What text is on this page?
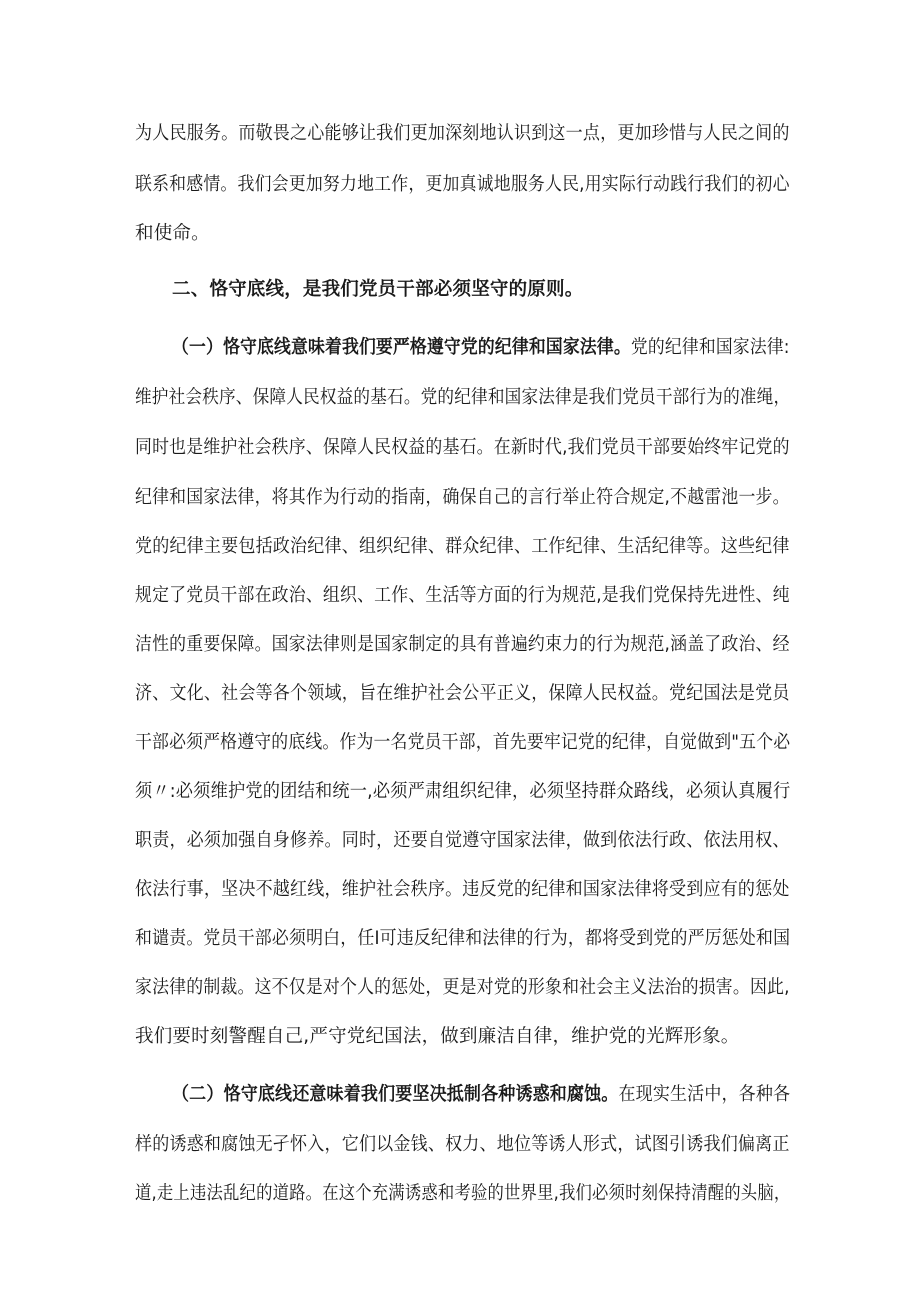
为人民服务。而敬畏之心能够让我们更加深刻地认识到这一点，更加珍惜与人民之间的
联系和感情。我们会更加努力地工作，更加真诚地服务人民,用实际行动践行我们的初心
和使命。
二、恪守底线，是我们党员干部必须坚守的原则。
（一）恪守底线意味着我们要严格遵守党的纪律和国家法律。党的纪律和国家法律:
维护社会秩序、保障人民权益的基石。党的纪律和国家法律是我们党员干部行为的准绳，
同时也是维护社会秩序、保障人民权益的基石。在新时代,我们党员干部要始终牢记党的
纪律和国家法律，将其作为行动的指南，确保自己的言行举止符合规定,不越雷池一步。
党的纪律主要包括政治纪律、组织纪律、群众纪律、工作纪律、生活纪律等。这些纪律
规定了党员干部在政治、组织、工作、生活等方面的行为规范,是我们党保持先进性、纯
洁性的重要保障。国家法律则是国家制定的具有普遍约束力的行为规范,涵盖了政治、经
济、文化、社会等各个领域，旨在维护社会公平正义，保障人民权益。党纪国法是党员
干部必须严格遵守的底线。作为一名党员干部，首先要牢记党的纪律，自觉做到"五个必
须〃:必须维护党的团结和统一,必须严肃组织纪律，必须坚持群众路线，必须认真履行
职责，必须加强自身修养。同时，还要自觉遵守国家法律，做到依法行政、依法用权、
依法行事，坚决不越红线，维护社会秩序。违反党的纪律和国家法律将受到应有的惩处
和谴责。党员干部必须明白，任I可违反纪律和法律的行为，都将受到党的严厉惩处和国
家法律的制裁。这不仅是对个人的惩处，更是对党的形象和社会主义法治的损害。因此,
我们要时刻警醒自己,严守党纪国法，做到廉洁自律，维护党的光辉形象。
（二）恪守底线还意味着我们要坚决抵制各种诱惑和腐蚀。在现实生活中，各种各
样的诱惑和腐蚀无孑怀入，它们以金钱、权力、地位等诱人形式，试图引诱我们偏离正
道,走上违法乱纪的道路。在这个充满诱惑和考验的世界里,我们必须时刻保持清醒的头脑，
